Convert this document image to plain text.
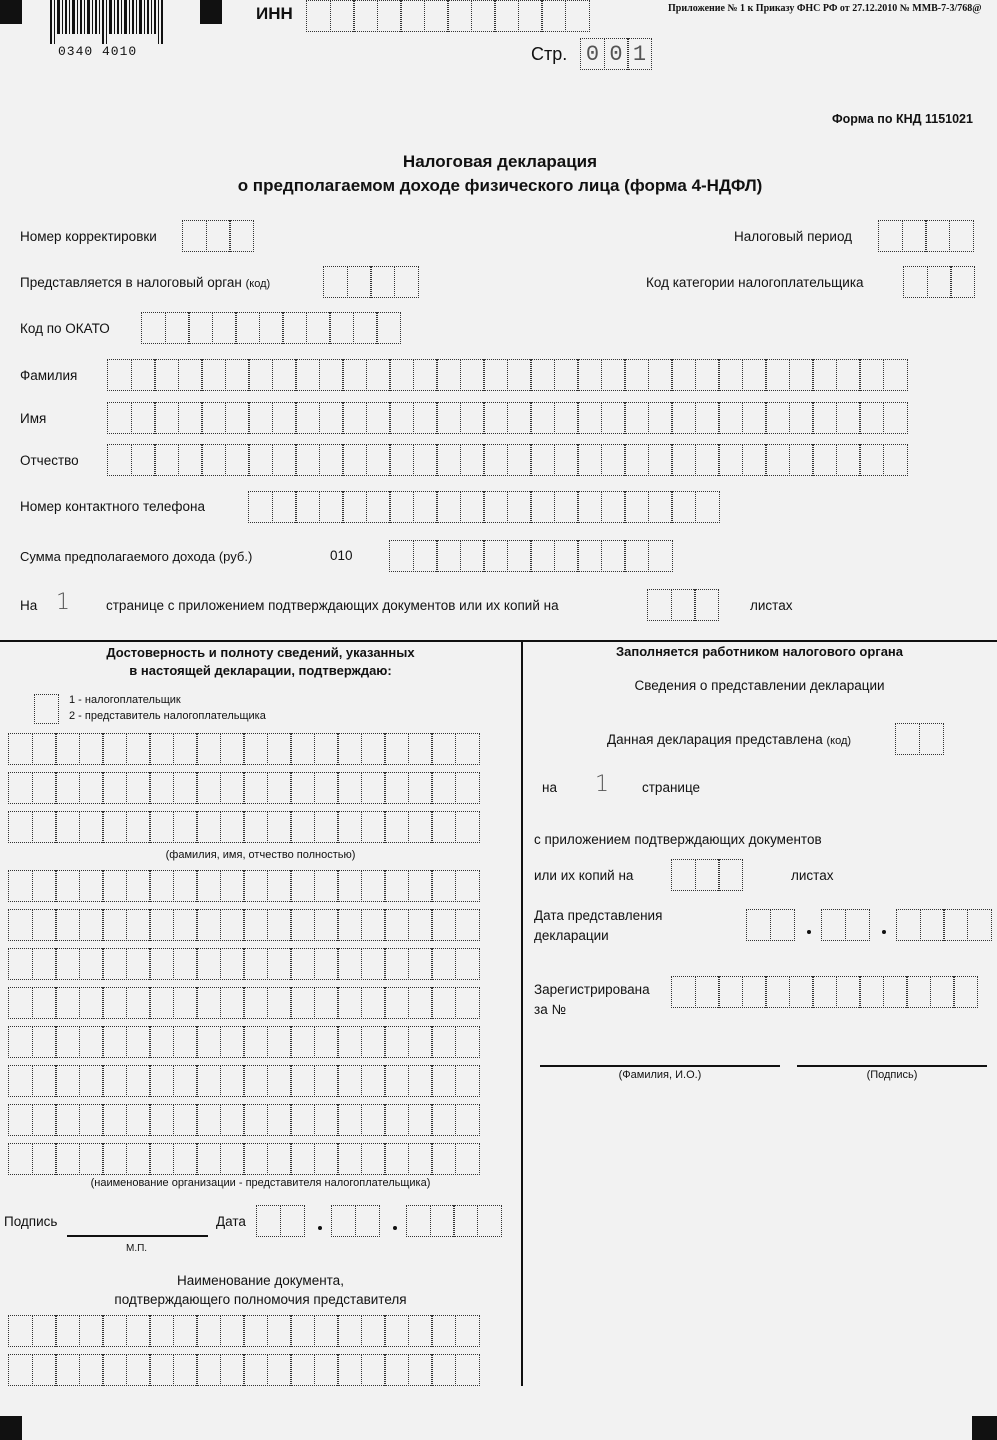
0340 4010
ИНН	Приложение № 1 к Приказу ФНС РФ от 27.12.2010 № ММВ-7-3/768@
Стр. 0 0 1
Форма по КНД 1151021
Налоговая декларация
о предполагаемом доходе физического лица (форма 4-НДФЛ)
Номер корректировки	Налоговый период
Представляется в налоговый орган (код)	Код категории налогоплательщика
Код по ОКАТО
Фамилия
Имя
Отчество
Номер контактного телефона
Сумма предполагаемого дохода (руб.)	010
На 1	странице с приложением подтверждающих документов или их копий на	листах
Достоверность и полноту сведений, указанных
в настоящей декларации, подтверждаю:
1 - налогоплательщик
2 - представитель налогоплательщика
(фамилия, имя, отчество полностью)
(наименование организации - представителя налогоплательщика)
Подпись
М.П.
Дата
Наименование документа,
подтверждающего полномочия представителя
Заполняется работником налогового органа
Сведения о представлении декларации
Данная декларация представлена (код)
на 1 странице
с приложением подтверждающих документов
или их копий на	листах
Дата представления
декларации
Зарегистрирована
за №
(Фамилия, И.О.)	(Подпись)
